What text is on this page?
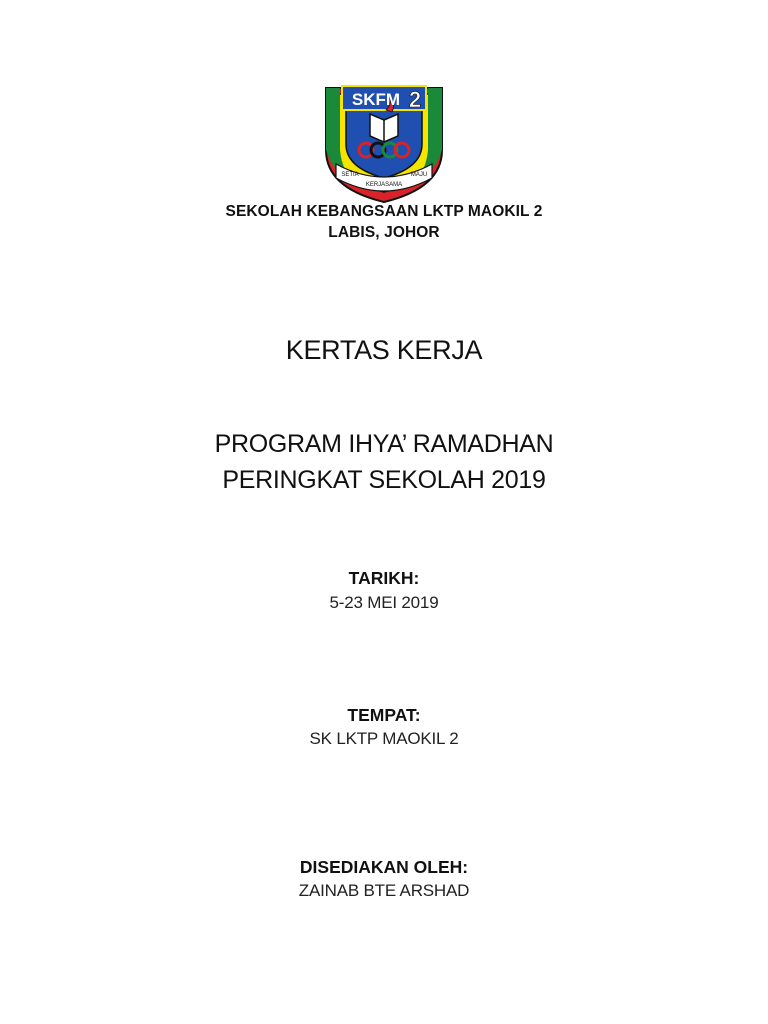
SKFM 2
SETIA
KERJASAMA
MAJU
SEKOLAH KEBANGSAAN LKTP MAOKIL 2
LABIS, JOHOR
KERTAS KERJA
PROGRAM IHYA’ RAMADHAN
PERINGKAT SEKOLAH 2019
TARIKH:
5-23 MEI 2019
TEMPAT:
SK LKTP MAOKIL 2
DISEDIAKAN OLEH:
ZAINAB BTE ARSHAD
